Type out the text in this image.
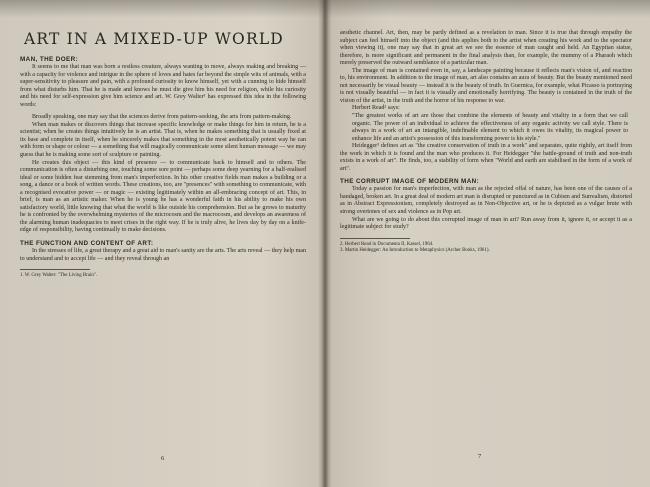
ART IN A MIXED-UP WORLD
MAN, THE DOER:

It seems to me that man was born a restless creature, always wanting to move, always making and breaking — with a capacity for violence and intrigue in the sphere of loves and hates far beyond the simple wits of animals, with a super-sensitivity to pleasure and pain, with a profound curiosity to know himself, yet with a cunning to hide himself from what disturbs him. That he is made and knows he must die give him his need for religion, while his curiosity and his need for self-expression give him science and art. W. Grey Walter¹ has expressed this idea in the following words:

Broadly speaking, one may say that the sciences derive from pattern-seeking, the arts from pattern-making.

When man makes or discovers things that increase specific knowledge or make things for him in return, he is a scientist; when he creates things intuitively he is an artist. That is, when he makes something that is usually fixed at its base and complete in itself, when he sincerely makes that something in the most aesthetically potent way he can with form or shape or colour — a something that will magically communicate some silent human message — we may guess that he is making some sort of sculpture or painting.

He creates this object — this kind of presence — to communicate back to himself and to others. The communication is often a disturbing one, touching some sore point — perhaps some deep yearning for a half-realised ideal or some hidden fear stemming from man's imperfection. In his other creative fields man makes a building or a song, a dance or a book of written words. These creations, too, are "presences" with something to communicate, with a recognised evocative power — or magic — existing legitimately within an all-embracing concept of art. This, in brief, is man as an artistic maker. When he is young he has a wonderful faith in his ability to make his own satisfactory world, little knowing that what the world is like outside his comprehension. But as he grows to maturity he is confronted by the overwhelming mysteries of the microcosm and the macrocosm, and develops an awareness of the alarming human inadequacies to meet crises in the right way. If he is truly alive, he lives day by day on a knife-edge of responsibility, having continually to make decisions.

THE FUNCTION AND CONTENT OF ART:

In the stresses of life, a great therapy and a great aid to man's sanity are the arts. The arts reveal — they help man to understand and to accept life — and they reveal through an

1. W. Grey Walter: "The Living Brain".

6

aesthetic channel. Art, then, may be partly defined as a revelation to man. Since it is true that through empathy the subject can feel himself into the object (and this applies both to the artist when creating his work and to the spectator when viewing it), one may say that in great art we see the essence of man caught and held. An Egyptian statue, therefore, is more significant and permanent in the final analysis than, for example, the mummy of a Pharaoh which merely preserved the outward semblance of a particular man.

The image of man is contained even in, say, a landscape painting because it reflects man's vision of, and reaction to, his environment. In addition to the image of man, art also contains an aura of beauty. But the beauty mentioned need not necessarily be visual beauty — instead it is the beauty of truth. In Guernica, for example, what Picasso is portraying is not visually beautiful — in fact it is visually and emotionally horrifying. The beauty is contained in the truth of the vision of the artist, in the truth and the horror of his response to war.

Herbert Read² says:

"The greatest works of art are those that combine the elements of beauty and vitality in a form that we call organic. The power of an individual to achieve the effectiveness of any organic activity we call style. There is always in a work of art an intangible, indefinable element to which it owes its vitality, its magical power to enhance life and an artist's possession of this transforming power is his style."

Heidegger³ defines art as "the creative conservation of truth in a work" and separates, quite rightly, art itself from the work in which it is found and the man who produces it. For Heidegger "the battle-ground of truth and non-truth exists in a work of art". He finds, too, a stability of form when "World and earth are stabilised in the form of a work of art".

THE CORRUPT IMAGE OF MODERN MAN:

Today a passion for man's imperfection, with man as the rejected offal of nature, has been one of the causes of a bandaged, broken art. In a great deal of modern art man is disrupted or punctured as in Cubism and Surrealism, distorted as in Abstract Expressionism, completely destroyed as in Non-Objective art, or he is depicted as a vulgar brute with strong overtones of sex and violence as in Pop art.

What are we going to do about this corrupted image of man in art? Run away from it, ignore it, or accept it as a legitimate subject for study?

2. Herbert Read in Documenta II, Kassel, 1964.

3. Martin Heidegger: An Introduction to Metaphysics (Archer Books, 1961).

7
